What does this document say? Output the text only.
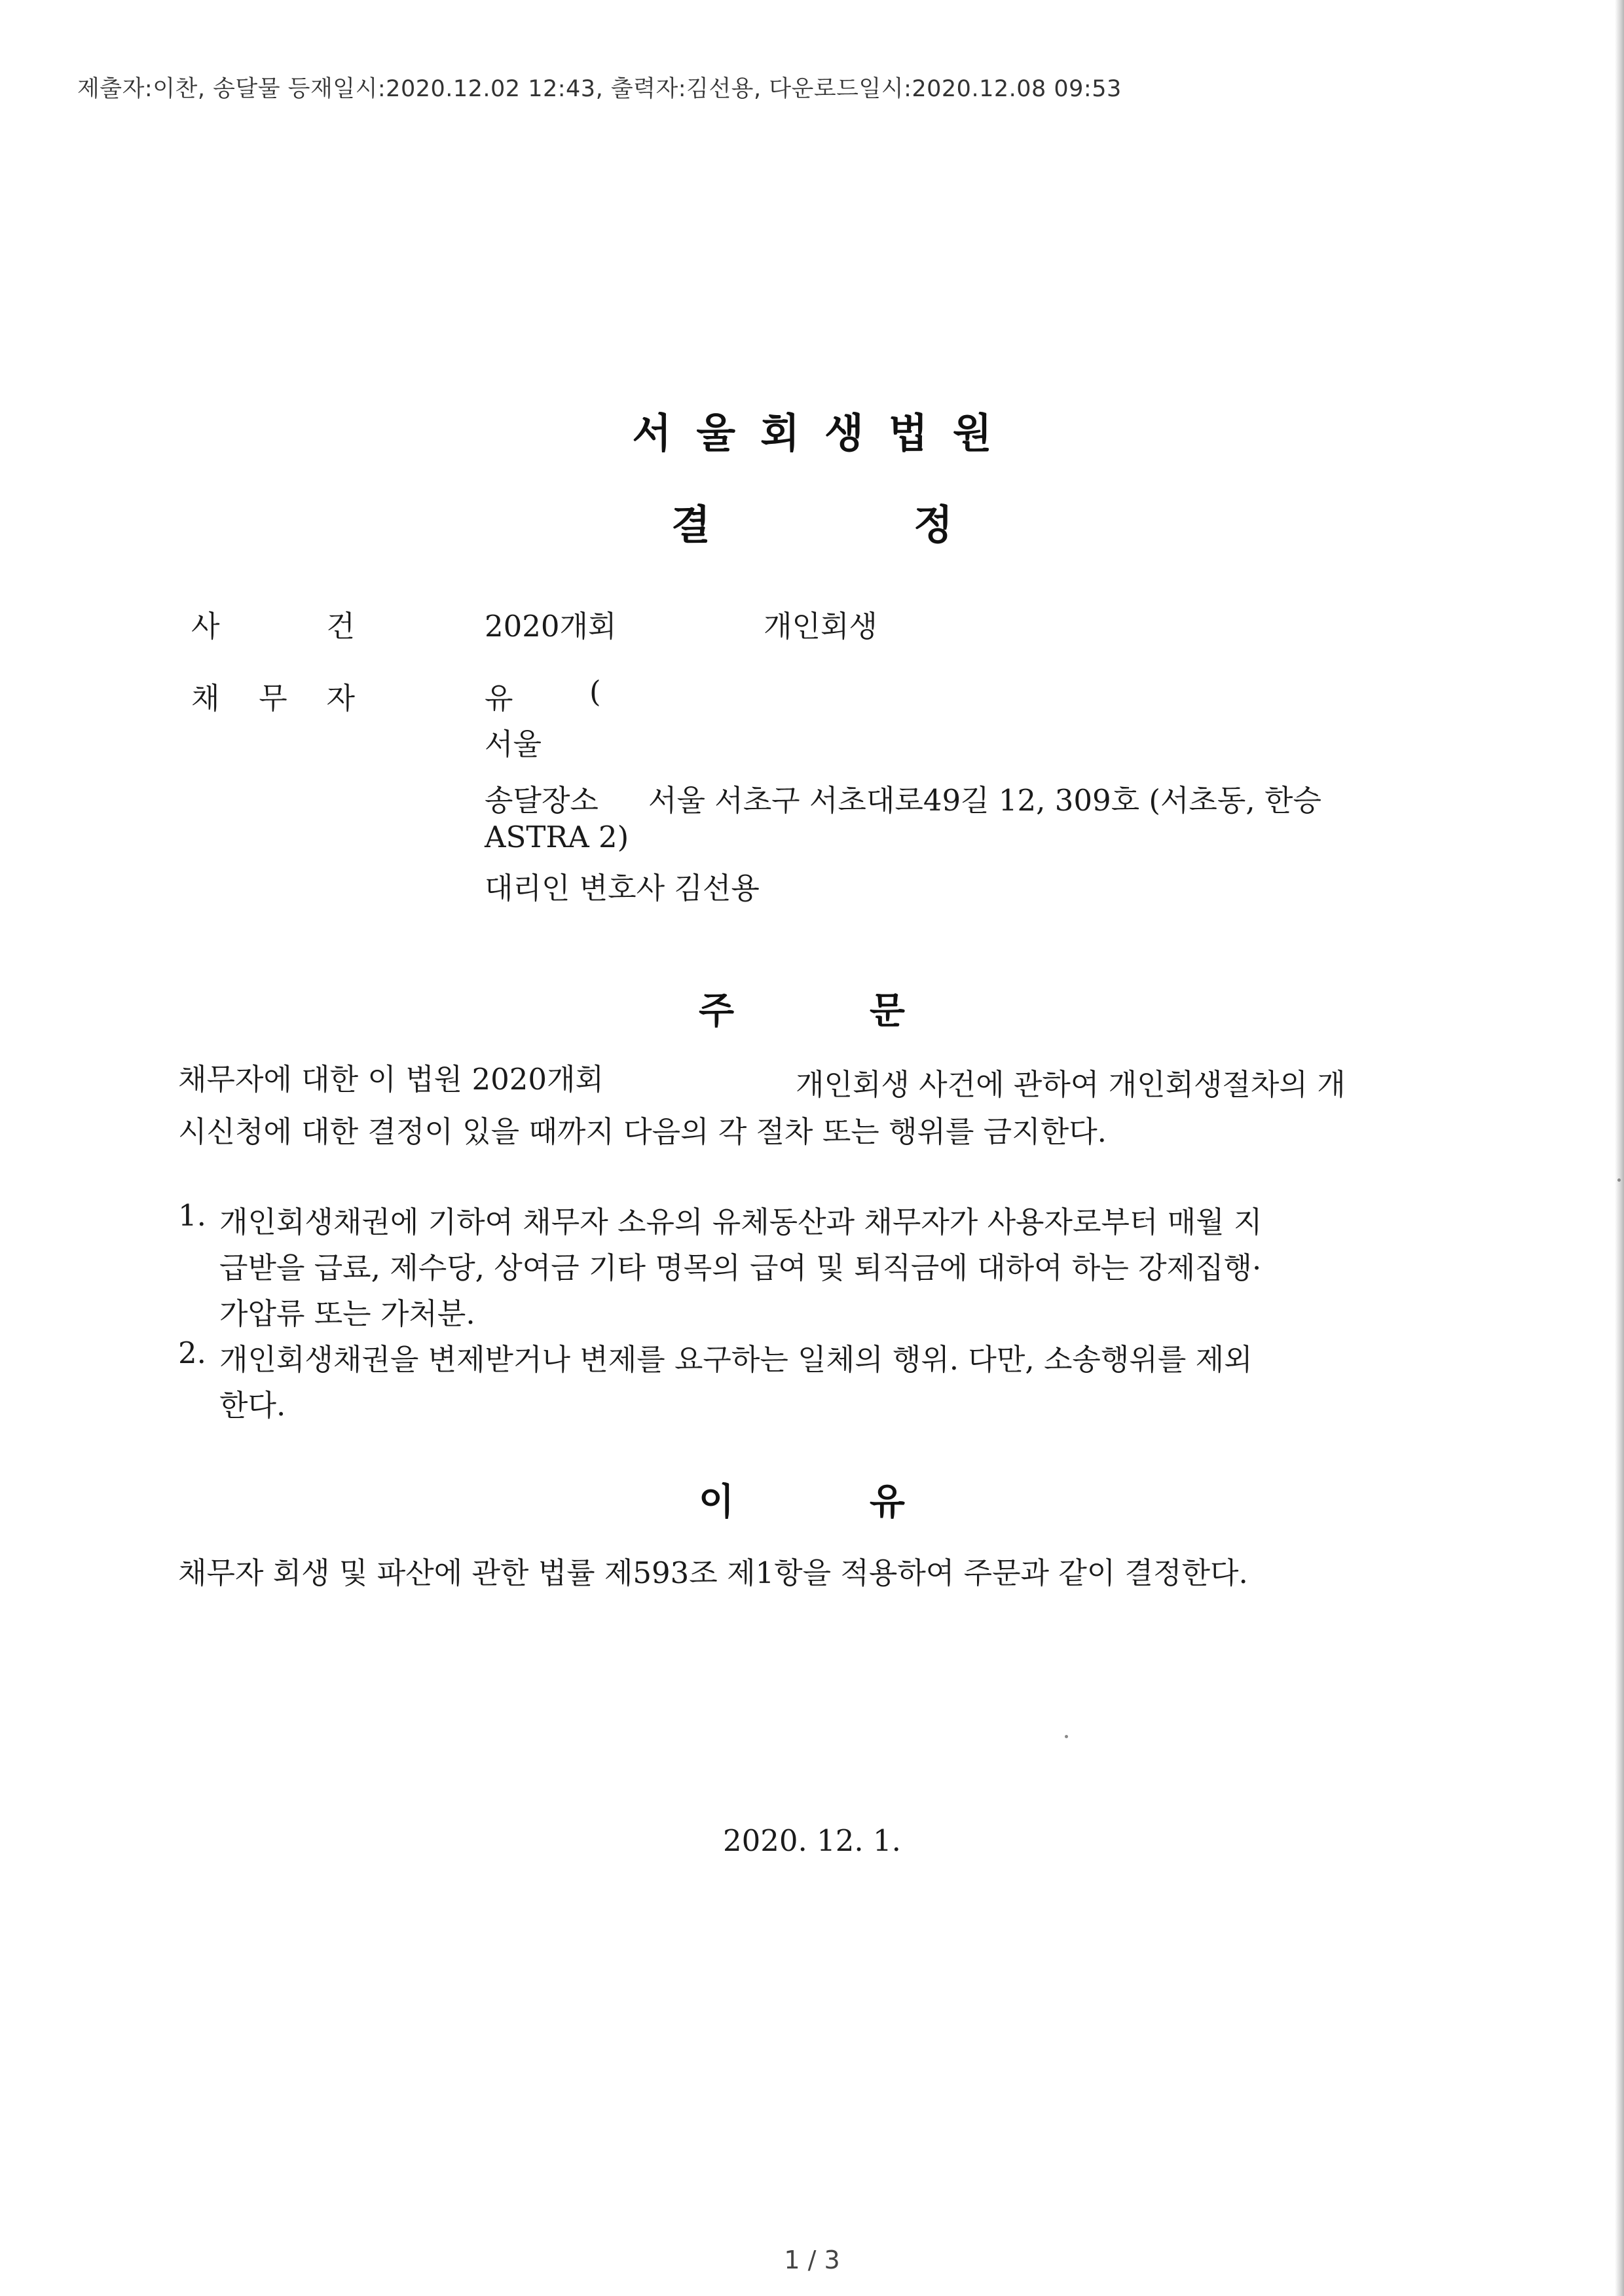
제출자:이찬, 송달물 등재일시:2020.12.02 12:43, 출력자:김선용, 다운로드일시:2020.12.08 09:53
서울회생법원
결	정
사	건	2020개회	개인회생
채 무 자	유	(
서울
송달장소 서울 서초구 서초대로49길 12, 309호 (서초동, 한승
ASTRA 2)
대리인 변호사 김선용
주	문
채무자에 대한 이 법원 2020개회	개인회생 사건에 관하여 개인회생절차의 개
시신청에 대한 결정이 있을 때까지 다음의 각 절차 또는 행위를 금지한다.
1. 개인회생채권에 기하여 채무자 소유의 유체동산과 채무자가 사용자로부터 매월 지
급받을 급료, 제수당, 상여금 기타 명목의 급여 및 퇴직금에 대하여 하는 강제집행·
가압류 또는 가처분.
2. 개인회생채권을 변제받거나 변제를 요구하는 일체의 행위. 다만, 소송행위를 제외
한다.
이	유
채무자 회생 및 파산에 관한 법률 제593조 제1항을 적용하여 주문과 같이 결정한다.
2020. 12. 1.
1 / 3
